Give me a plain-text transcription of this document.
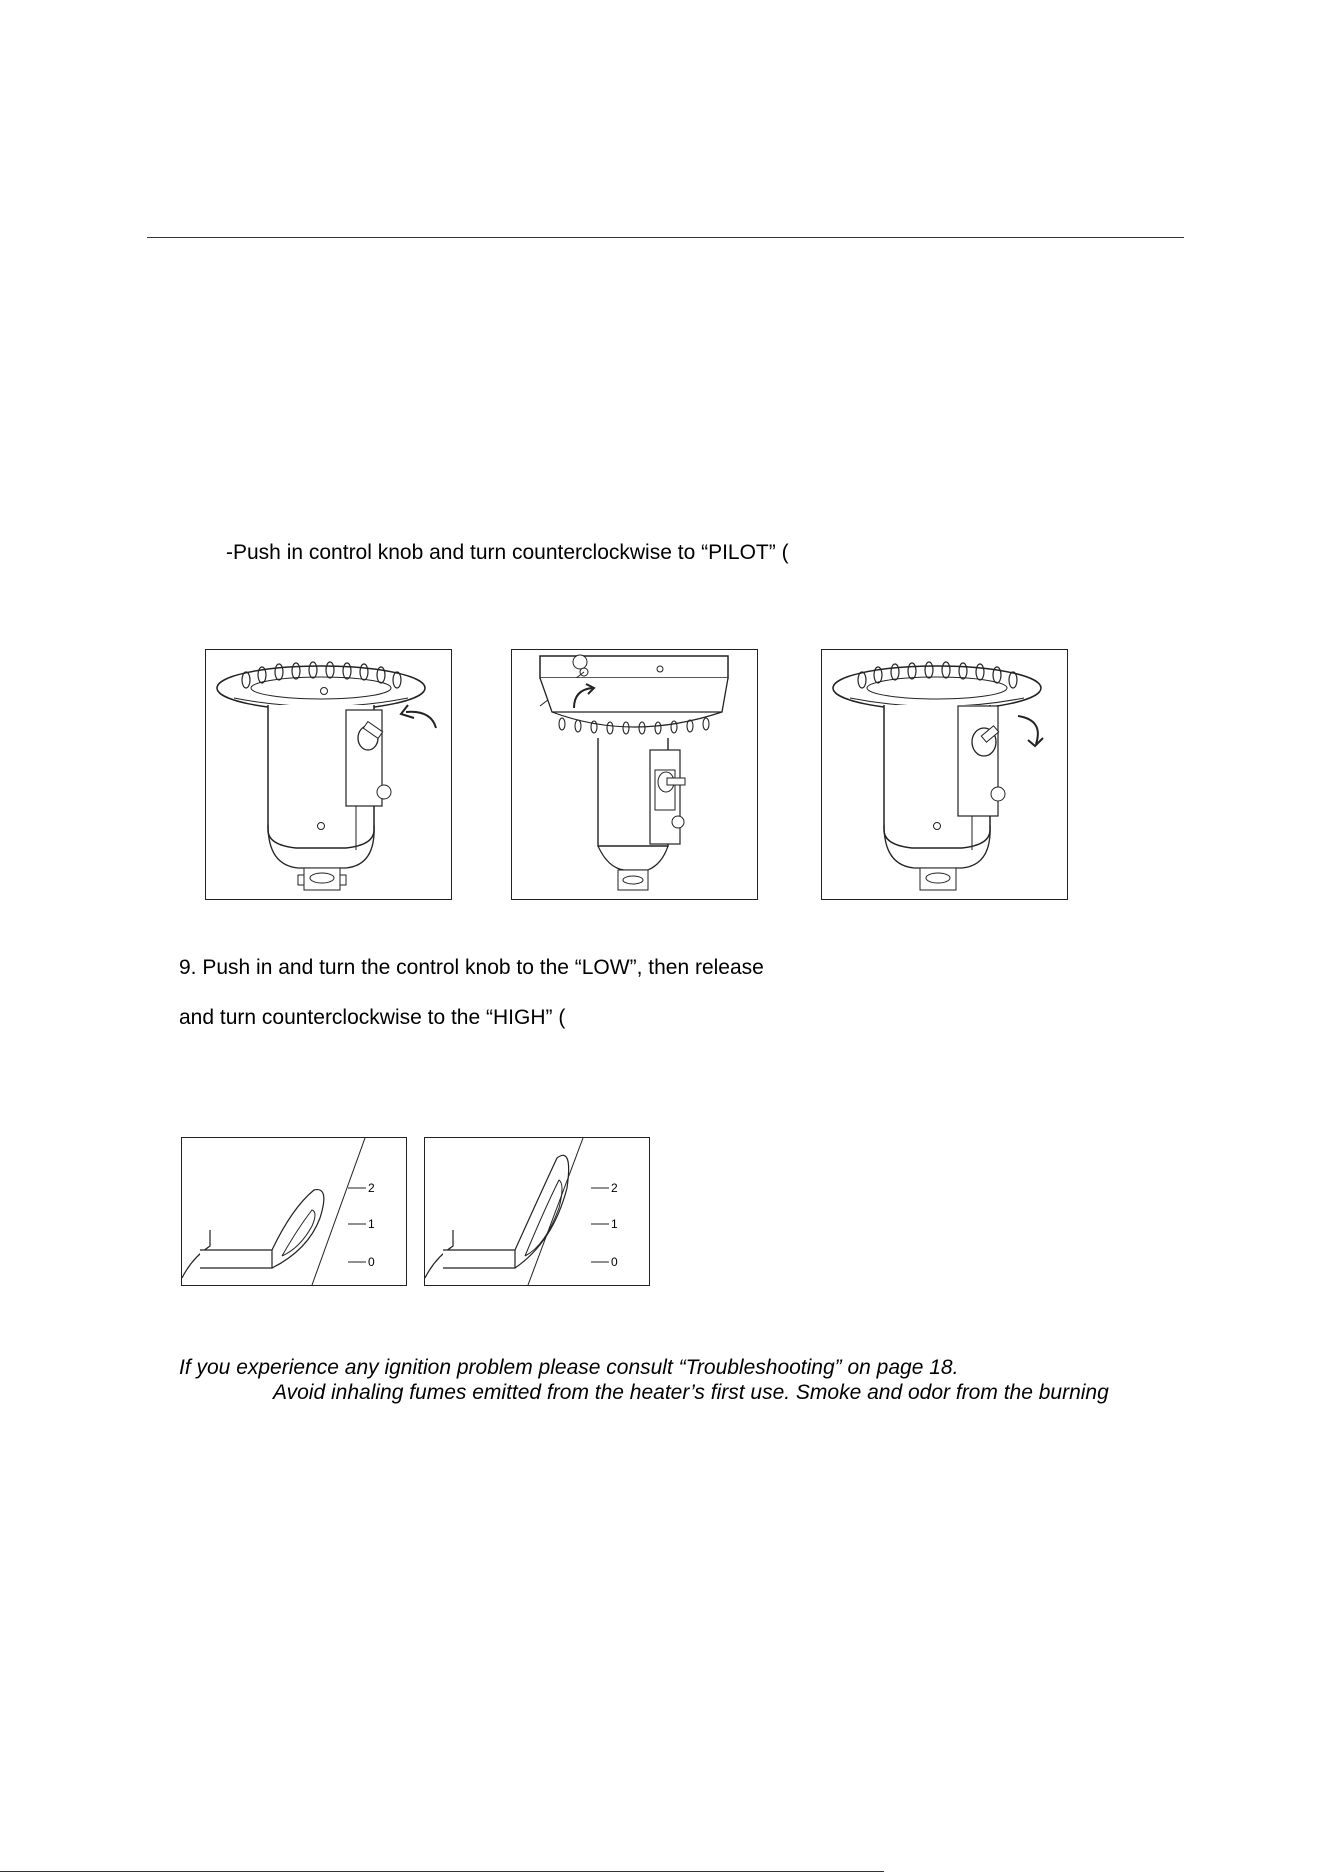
-Push in control knob and turn counterclockwise to “PILOT” (
9. Push in and turn the control knob to the “LOW”, then release
and turn counterclockwise to the “HIGH” (
2
1
0
2
1
0
If you experience any ignition problem please consult “Troubleshooting” on page 18.
Avoid inhaling fumes emitted from the heater’s first use. Smoke and odor from the burning
